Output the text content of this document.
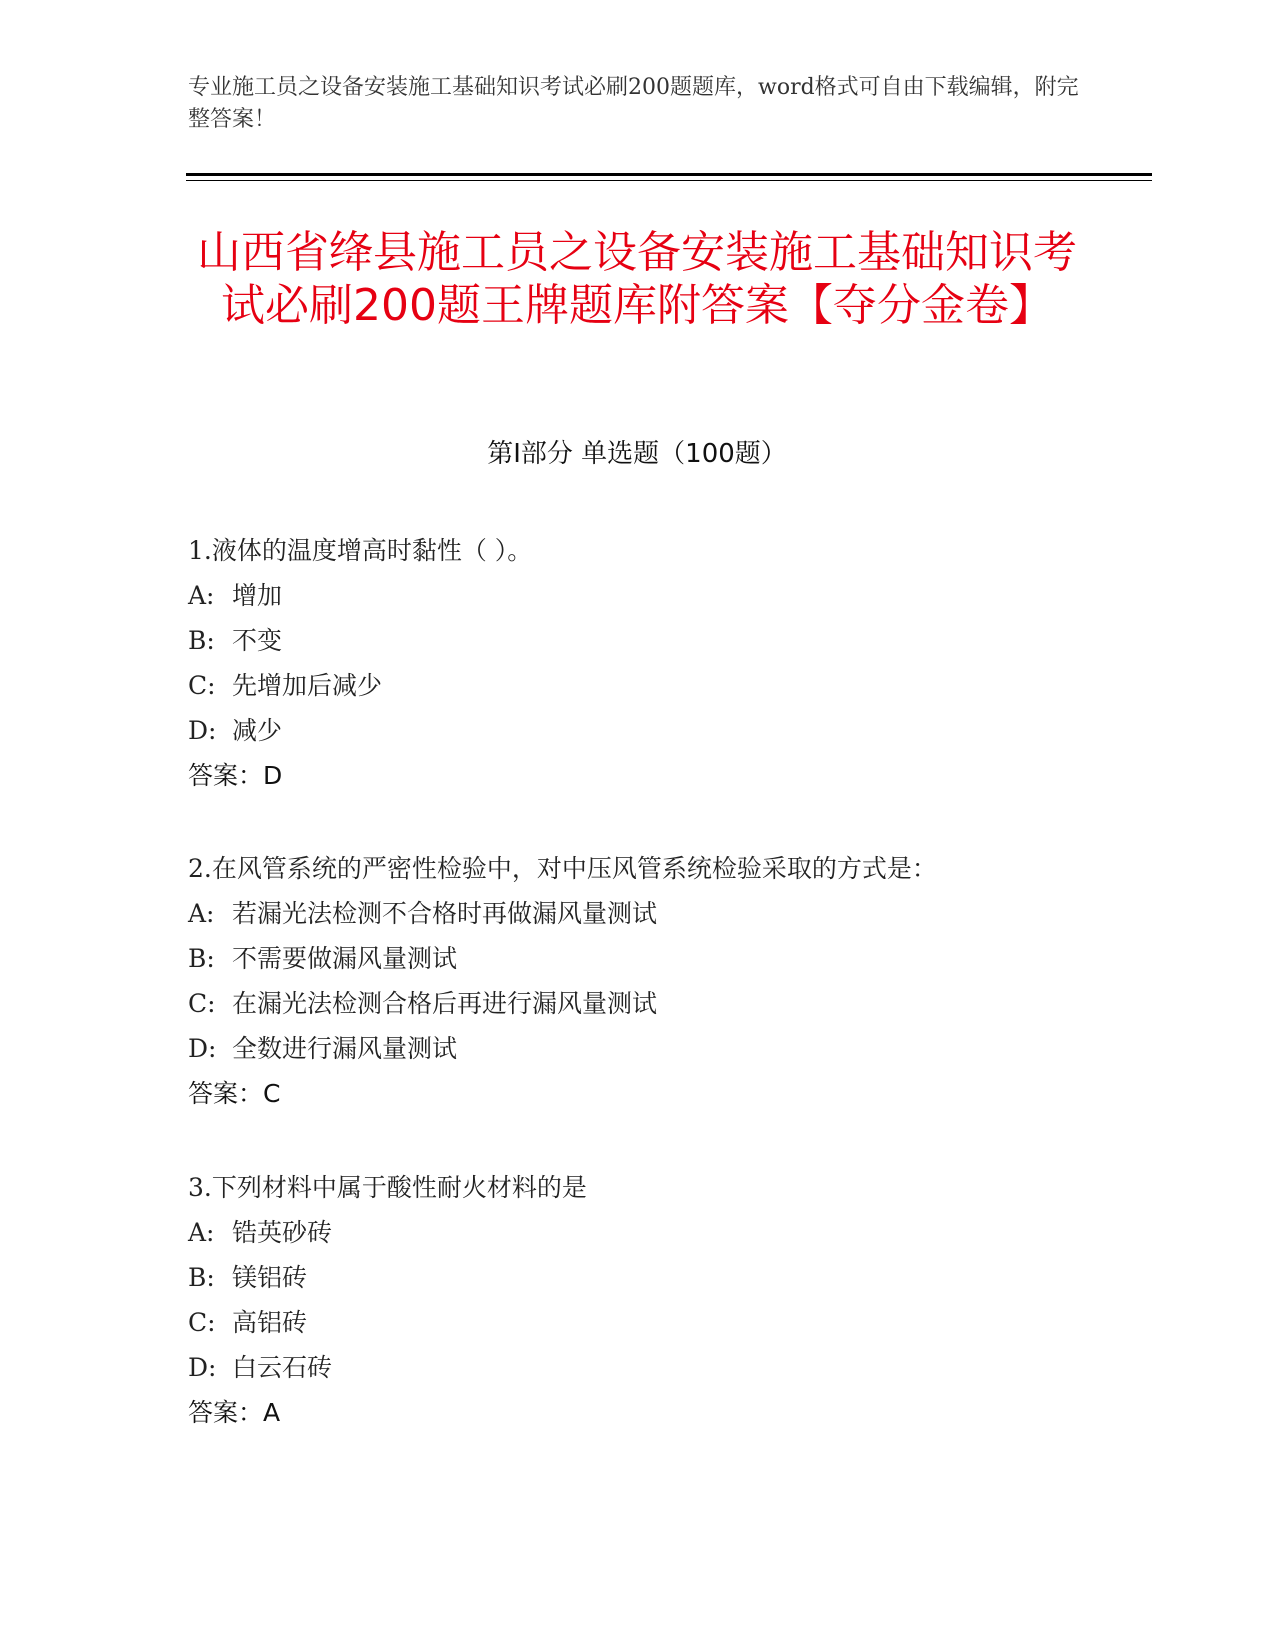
专业施工员之设备安装施工基础知识考试必刷200题题库，word格式可自由下载编辑，附完整答案！
山西省绛县施工员之设备安装施工基础知识考试必刷200题王牌题库附答案【夺分金卷】
第I部分 单选题（100题）
1.液体的温度增高时黏性（ ）。
A: 增加
B: 不变
C: 先增加后减少
D: 减少
答案：D
2.在风管系统的严密性检验中，对中压风管系统检验采取的方式是：
A: 若漏光法检测不合格时再做漏风量测试
B: 不需要做漏风量测试
C: 在漏光法检测合格后再进行漏风量测试
D: 全数进行漏风量测试
答案：C
3.下列材料中属于酸性耐火材料的是
A: 锆英砂砖
B: 镁铝砖
C: 高铝砖
D: 白云石砖
答案：A
